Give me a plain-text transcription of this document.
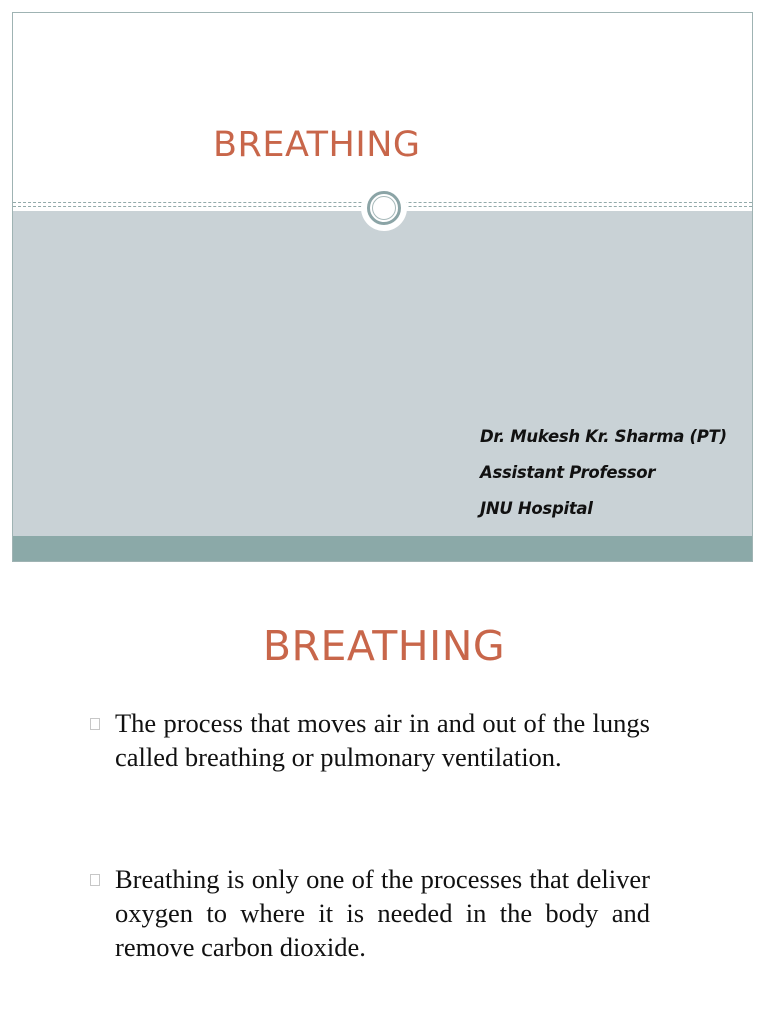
BREATHING
Dr. Mukesh Kr. Sharma (PT)
Assistant Professor
JNU Hospital
BREATHING
The process that moves air in and out of the lungs called breathing or pulmonary ventilation.
Breathing is only one of the processes that deliver oxygen to where it is needed in the body and remove carbon dioxide.
